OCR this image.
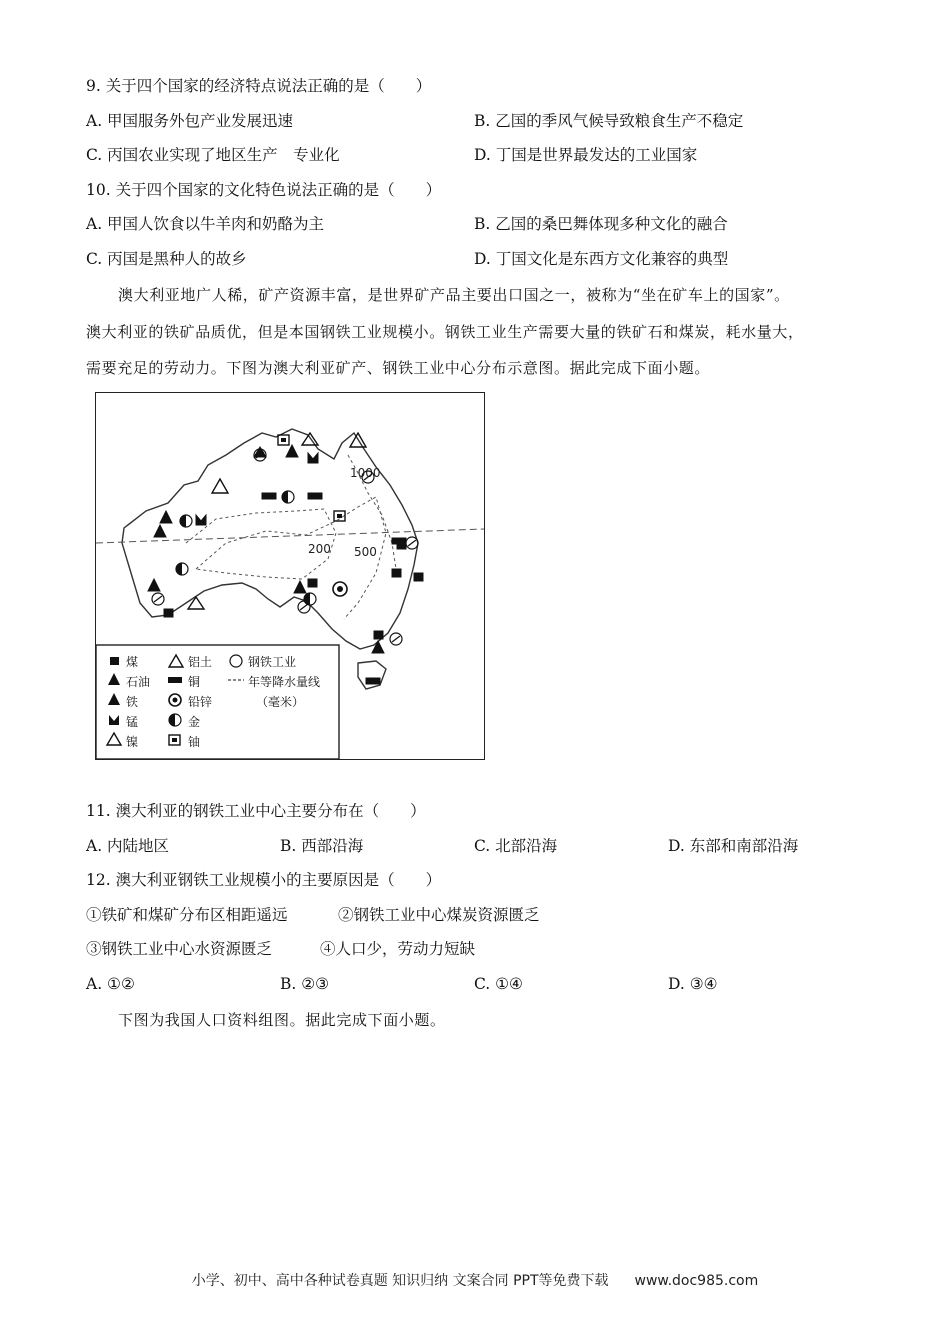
9. 关于四个国家的经济特点说法正确的是（　　）
A. 甲国服务外包产业发展迅速	B. 乙国的季风气候导致粮食生产不稳定
C. 丙国农业实现了地区生产　专业化	D. 丁国是世界最发达的工业国家
10. 关于四个国家的文化特色说法正确的是（　　）
A. 甲国人饮食以牛羊肉和奶酪为主	B. 乙国的桑巴舞体现多种文化的融合
C. 丙国是黑种人的故乡	D. 丁国文化是东西方文化兼容的典型
澳大利亚地广人稀，矿产资源丰富，是世界矿产品主要出口国之一，被称为“坐在矿车上的国家”。
澳大利亚的铁矿品质优，但是本国钢铁工业规模小。钢铁工业生产需要大量的铁矿石和煤炭，耗水量大，
需要充足的劳动力。下图为澳大利亚矿产、钢铁工业中心分布示意图。据此完成下面小题。
1000
200 500
煤	铝土	钢铁工业
石油	铜	年等降水量线
（毫米）
铁	铅锌
锰	金
镍	铀
11. 澳大利亚的钢铁工业中心主要分布在（　　）
A. 内陆地区	B. 西部沿海	C. 北部沿海	D. 东部和南部沿海
12. 澳大利亚钢铁工业规模小的主要原因是（　　）
①铁矿和煤矿分布区相距遥远	②钢铁工业中心煤炭资源匮乏
③钢铁工业中心水资源匮乏	④人口少，劳动力短缺
A. ①②	B. ②③	C. ①④	D. ③④
下图为我国人口资料组图。据此完成下面小题。
小学、初中、高中各种试卷真题 知识归纳 文案合同 PPT等免费下载 www.doc985.com
